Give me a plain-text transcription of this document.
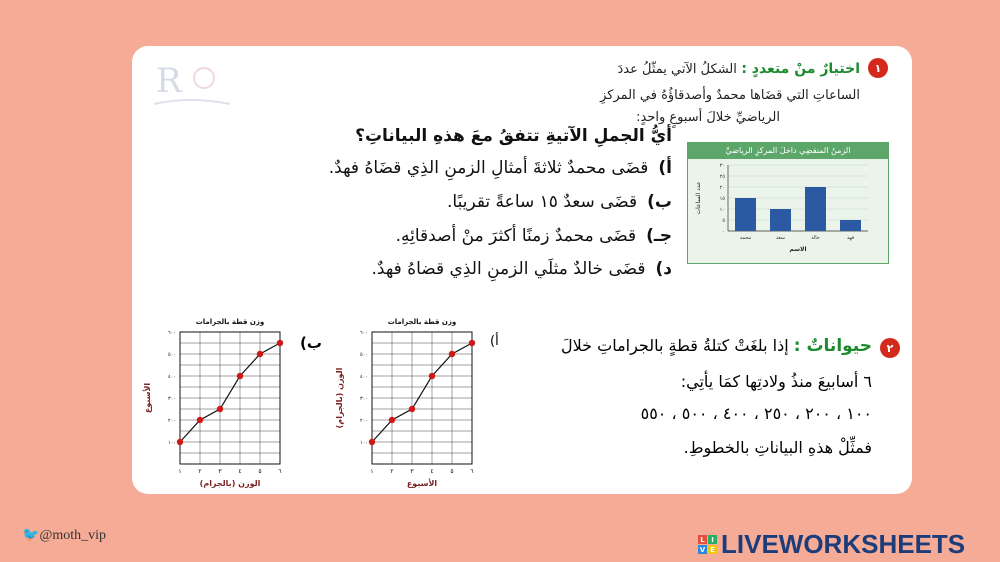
R	١
اختيارٌ منْ متعددٍ : الشكلُ الآتي يمثّلُ عددَ
الساعاتِ التي قضَاها محمدٌ وأصدقاؤُهُ في المركزِ
الرياضيِّ خلالَ أسبوعٍ واحدٍ:
أيُّ الجملِ الآتيةِ تتفقُ معَ هذهِ البياناتِ؟
أ)قضَى محمدٌ ثلاثةَ أمثالِ الزمنِ الذِي قضَاهُ فهدٌ.
ب)قضَى سعدٌ ١٥ ساعةً تقريبًا.
جـ)قضَى محمدٌ زمنًا أكثرَ منْ أصدقائِهِ.
د)قضَى خالدٌ مثلَي الزمنِ الذِي قضاهُ فهدٌ.
الزمنُ المنقضِي داخلَ المركزِ الرياضيِّ
٠
٥
١٠
١٥
٢٠
٢٥
٣٠
محمد	سعد	خالد	فهد
الاسم
عدد الساعات
٢
حيواناتٌ : إذا بلغَتْ كتلةُ قطةٍ بالجراماتِ خلالَ
٦ أسابيعَ منذُ ولادتِها كمَا يأتِي:
١٠٠ ، ٢٠٠ ، ٢٥٠ ، ٤٠٠ ، ٥٠٠ ، ٥٥٠
فمثِّلْ هذهِ البياناتِ بالخطوطِ.
ب)	أ)
وزن قطة بالجرامات
١٠٠
٢٠٠
٣٠٠
٤٠٠
٥٠٠
٦٠٠
١	٢	٣	٤	٥	٦
الوزن (بالجرام)
الأسبوع
وزن قطة بالجرامات
١٠٠
٢٠٠
٣٠٠
٤٠٠
٥٠٠
٦٠٠
١	٢	٣	٤	٥	٦
الأسبوع
الوزن (بالجرام)
🐦@moth_vip	L I
V E LIVEWORKSHEETS
